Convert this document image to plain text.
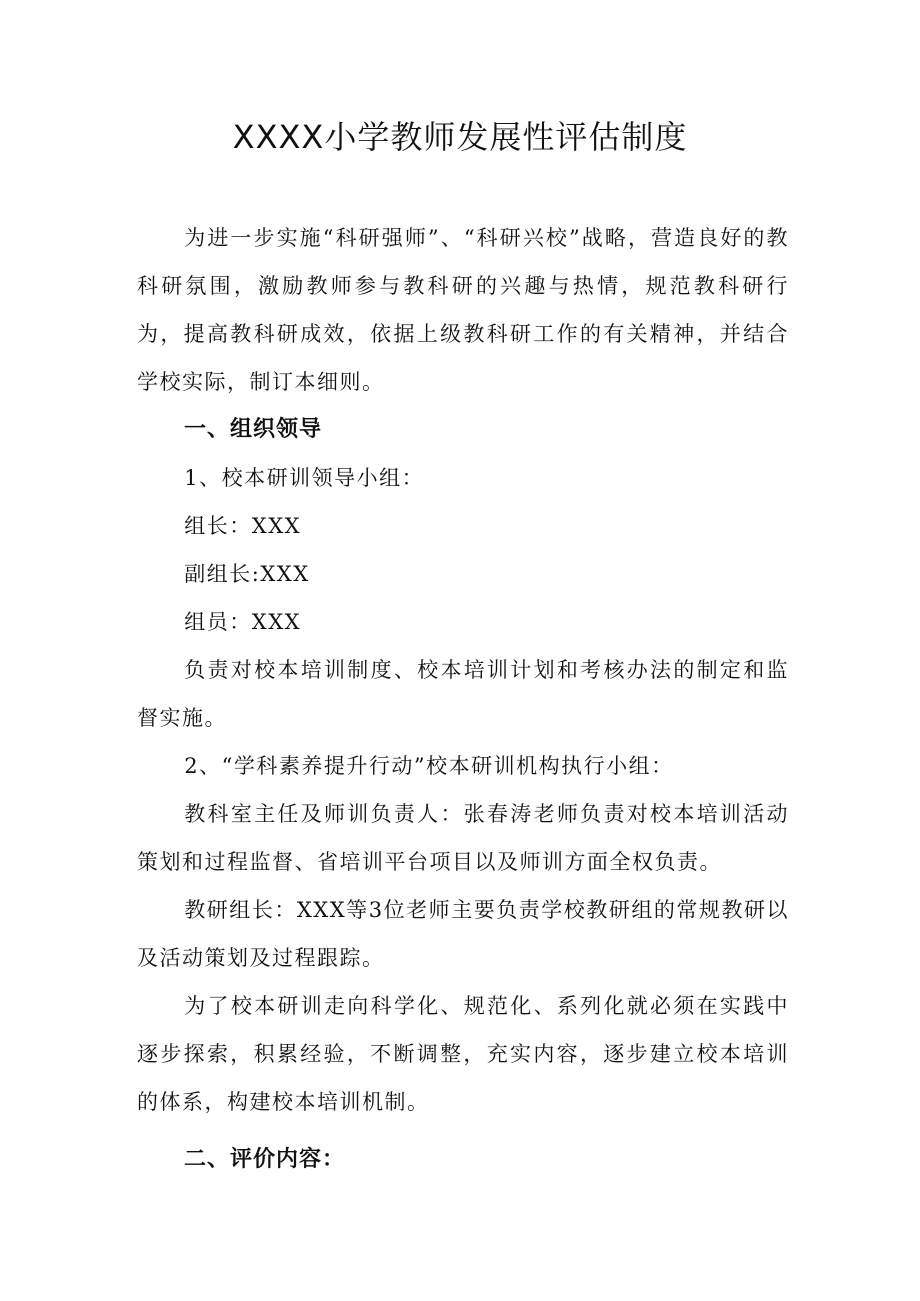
XXXX小学教师发展性评估制度

为进一步实施“科研强师”、“科研兴校”战略，营造良好的教科研氛围，激励教师参与教科研的兴趣与热情，规范教科研行为，提高教科研成效，依据上级教科研工作的有关精神，并结合学校实际，制订本细则。

一、组织领导

1、校本研训领导小组：

组长：XXX

副组长:XXX

组员：XXX

负责对校本培训制度、校本培训计划和考核办法的制定和监督实施。

2、“学科素养提升行动”校本研训机构执行小组：

教科室主任及师训负责人：张春涛老师负责对校本培训活动策划和过程监督、省培训平台项目以及师训方面全权负责。

教研组长：XXX等3位老师主要负责学校教研组的常规教研以及活动策划及过程跟踪。

为了校本研训走向科学化、规范化、系列化就必须在实践中逐步探索，积累经验，不断调整，充实内容，逐步建立校本培训的体系，构建校本培训机制。

二、评价内容：
